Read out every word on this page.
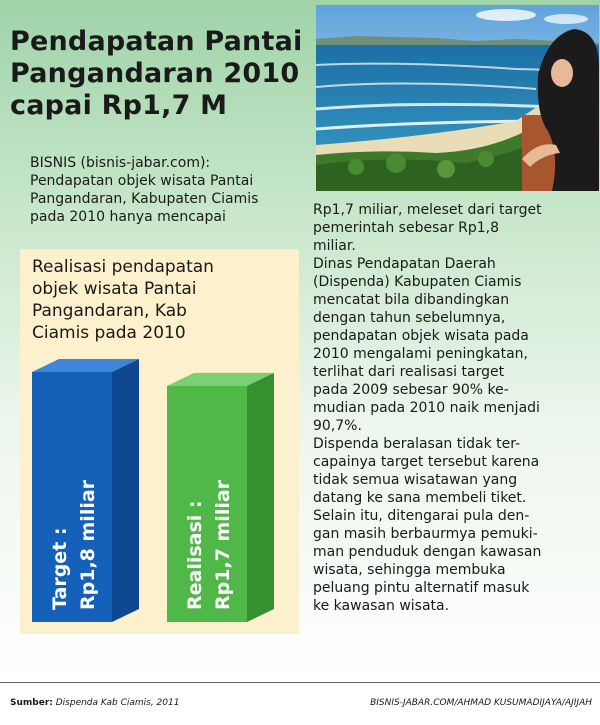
Pendapatan Pantai
Pangandaran 2010
capai Rp1,7 M
BISNIS (bisnis-jabar.com):
Pendapatan objek wisata Pantai
Pangandaran, Kabupaten Ciamis
pada 2010 hanya mencapai	Rp1,7 miliar, meleset dari target
pemerintah sebesar Rp1,8
miliar.
Dinas Pendapatan Daerah
(Dispenda) Kabupaten Ciamis
mencatat bila dibandingkan
dengan tahun sebelumnya,
pendapatan objek wisata pada
2010 mengalami peningkatan,
terlihat dari realisasi target
pada 2009 sebesar 90% ke-
mudian pada 2010 naik menjadi
90,7%.
Dispenda beralasan tidak ter-
capainya target tersebut karena
tidak semua wisatawan yang
datang ke sana membeli tiket.
Selain itu, ditengarai pula den-
gan masih berbaurmya pemuki-
man penduduk dengan kawasan
wisata, sehingga membuka
peluang pintu alternatif masuk
ke kawasan wisata.
Realisasi pendapatan
objek wisata Pantai
Pangandaran, Kab
Ciamis pada 2010
Target : Rp1,8 miliar	Realisasi : Rp1,7 miliar
Sumber: Dispenda Kab Ciamis, 2011	BISNIS-JABAR.COM/AHMAD KUSUMADIJAYA/AJIJAH
